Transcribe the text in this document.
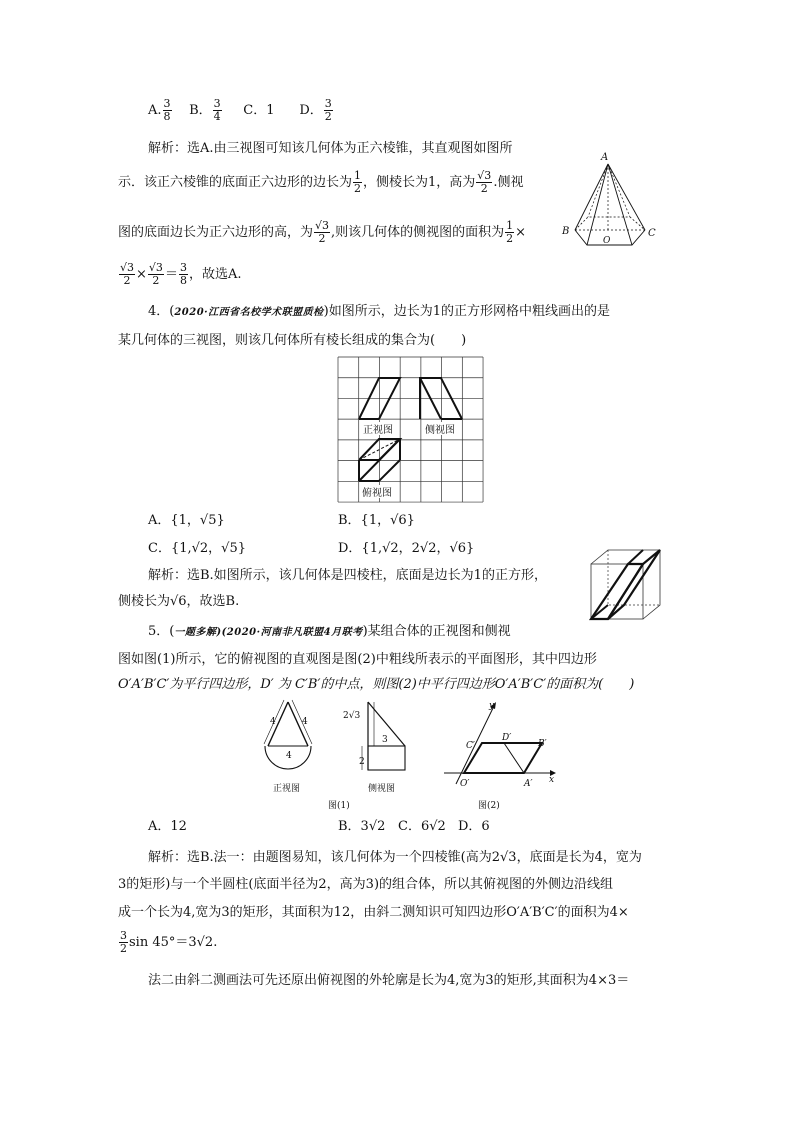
A. $\frac{3}{8}$ B． $\frac{3}{4}$ C．1 D． $\frac{3}{2}$
解析：选A.由三视图可知该几何体为正六棱锥，其直观图如图所
示．该正六棱锥的底面正六边形的边长为 $\frac{1}{2}$ ，侧棱长为1，高为 $\frac{√3}{2}$ .侧视
图的底面边长为正六边形的高，为 $\frac{√3}{2}$ ,则该几何体的侧视图的面积为 $\frac{1}{2}$ ×
$\frac{√3}{2} \times \frac{√3}{2} = \frac{3}{8}$ ，故选A.
A
B
O
C
4．(2020·江西省名校学术联盟质检)如图所示，边长为1的正方形网格中粗线画出的是
某几何体的三视图，则该几何体所有棱长组成的集合为(　　)
正视图	侧视图
俯视图
A．{1，√5}	B．{1，√6}
C．{1,√2，√5}	D．{1,√2，2√2，√6}
解析：选B.如图所示，该几何体是四棱柱，底面是边长为1的正方形，
侧棱长为√6，故选B.
5．(一题多解)(2020·河南非凡联盟4月联考)某组合体的正视图和侧视
图如图(1)所示，它的俯视图的直观图是图(2)中粗线所表示的平面图形，其中四边形
O′A′B′C′为平行四边形，D′ 为 C′B′的中点，则图(2)中平行四边形O′A′B′C′的面积为(　　)
4	4
4
正视图
2√3
3
2
侧视图
图(1)
y
x
C′
D′
B′
O′	A′
图(2)
A．12	B．3√2 C．6√2 D．6
解析：选B.法一：由题图易知，该几何体为一个四棱锥(高为2√3，底面是长为4，宽为
3的矩形)与一个半圆柱(底面半径为2，高为3)的组合体，所以其俯视图的外侧边沿线组
成一个长为4,宽为3的矩形，其面积为12，由斜二测知识可知四边形O′A′B′C′的面积为4×
$\frac{3}{2}$ sin 45°＝3√2.
法二由斜二测画法可先还原出俯视图的外轮廓是长为4,宽为3的矩形,其面积为4×3＝
